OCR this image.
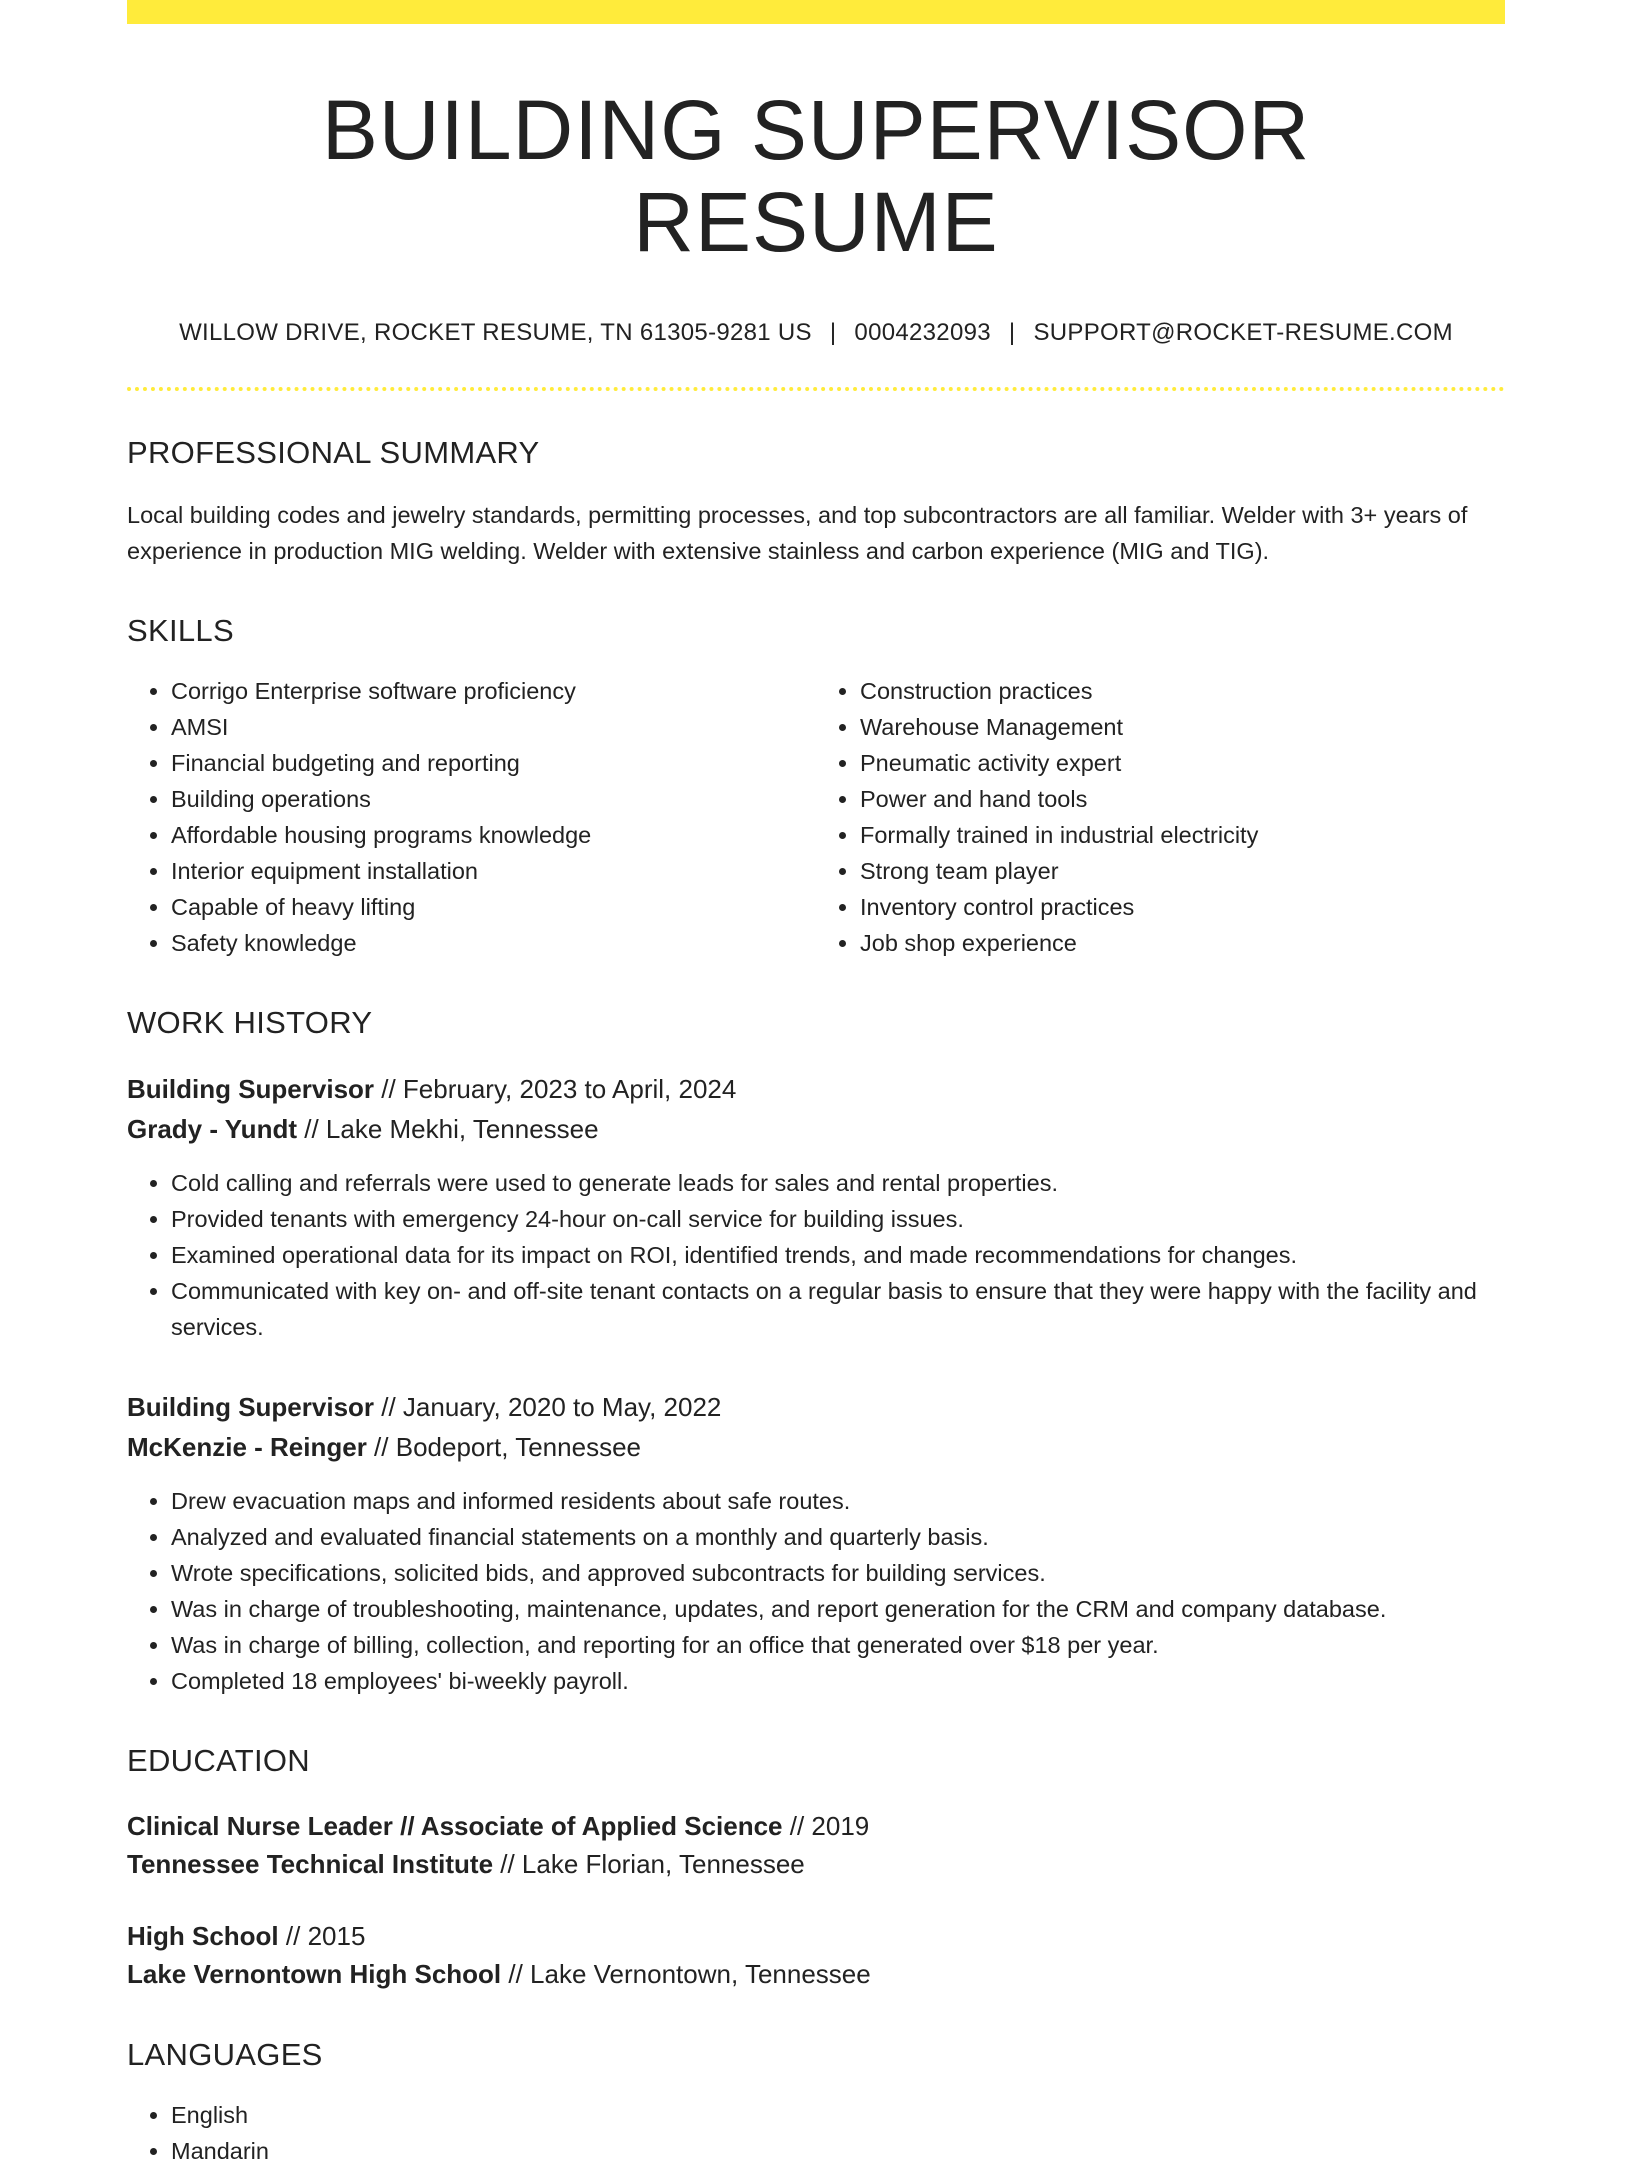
BUILDING SUPERVISOR RESUME
WILLOW DRIVE, ROCKET RESUME, TN 61305-9281 US | 0004232093 | SUPPORT@ROCKET-RESUME.COM
PROFESSIONAL SUMMARY

Local building codes and jewelry standards, permitting processes, and top subcontractors are all familiar. Welder with 3+ years of experience in production MIG welding. Welder with extensive stainless and carbon experience (MIG and TIG).

SKILLS
• Corrigo Enterprise software proficiency
• AMSI
• Financial budgeting and reporting
• Building operations
• Affordable housing programs knowledge
• Interior equipment installation
• Capable of heavy lifting
• Safety knowledge
• Construction practices
• Warehouse Management
• Pneumatic activity expert
• Power and hand tools
• Formally trained in industrial electricity
• Strong team player
• Inventory control practices
• Job shop experience
WORK HISTORY
Building Supervisor // February, 2023 to April, 2024
Grady - Yundt // Lake Mekhi, Tennessee
• Cold calling and referrals were used to generate leads for sales and rental properties.
• Provided tenants with emergency 24-hour on-call service for building issues.
• Examined operational data for its impact on ROI, identified trends, and made recommendations for changes.
• Communicated with key on- and off-site tenant contacts on a regular basis to ensure that they were happy with the facility and services.
Building Supervisor // January, 2020 to May, 2022
McKenzie - Reinger // Bodeport, Tennessee
• Drew evacuation maps and informed residents about safe routes.
• Analyzed and evaluated financial statements on a monthly and quarterly basis.
• Wrote specifications, solicited bids, and approved subcontracts for building services.
• Was in charge of troubleshooting, maintenance, updates, and report generation for the CRM and company database.
• Was in charge of billing, collection, and reporting for an office that generated over $18 per year.
• Completed 18 employees' bi-weekly payroll.
EDUCATION
Clinical Nurse Leader // Associate of Applied Science // 2019
Tennessee Technical Institute // Lake Florian, Tennessee
High School // 2015
Lake Vernontown High School // Lake Vernontown, Tennessee
LANGUAGES
• English
• Mandarin
